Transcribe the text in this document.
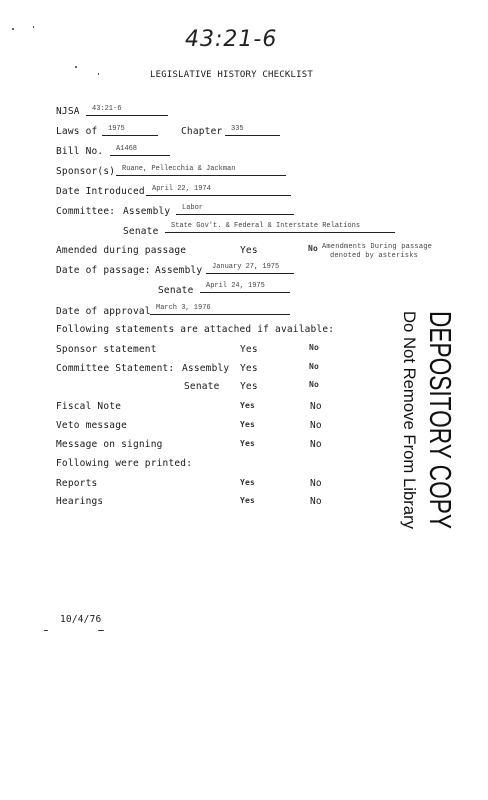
43:21-6
LEGISLATIVE HISTORY CHECKLIST
NJSA	43:21-6
Laws of	1975	Chapter	335
Bill No.	A1468
Sponsor(s) Ruane, Pellecchia & Jackman
Date Introduced	April 22, 1974
Committee: Assembly	Labor
Senate	State Gov't. & Federal & Interstate Relations
Amended during passage	Yes	No Amendments During passage
denoted by asterisks
Date of passage: Assembly	January 27, 1975
Senate	April 24, 1975
Date of approval March 3, 1976
Following statements are attached if available:
Sponsor statement	Yes	No
Committee Statement: Assembly Yes	No
Senate Yes	No
Fiscal Note	Yes	No
Veto message	Yes	No
Message on signing	Yes	No
Following were printed:
Reports	Yes	No
Hearings	Yes	No	DEPOSITORY COPY
Do Not Remove From Library
10/4/76
